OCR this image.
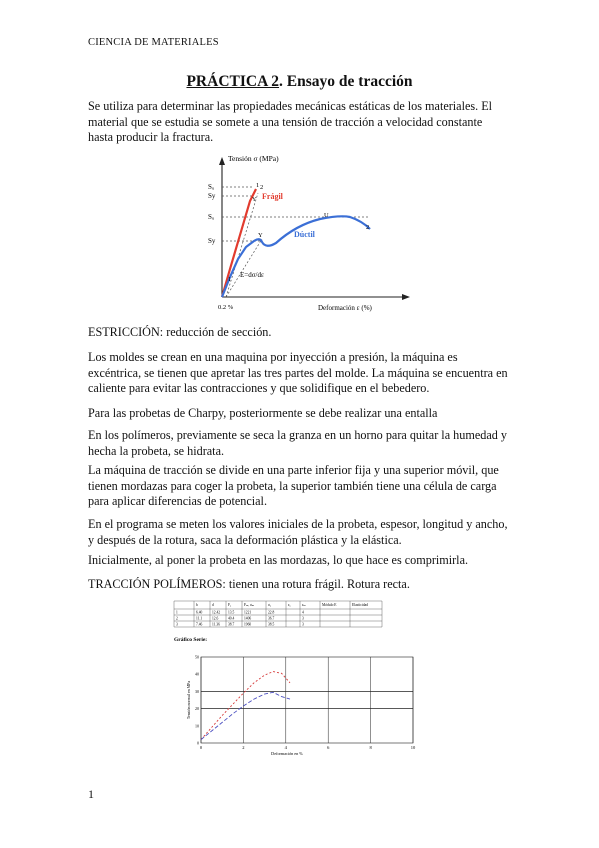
CIENCIA DE MATERIALES
PRÁCTICA 2. Ensayo de tracción
Se utiliza para determinar las propiedades mecánicas estáticas de los materiales. El material que se estudia se somete a una tensión de tracción a velocidad constante hasta producir la fractura.
Tensión σ (MPa)
Deformación ε (%)
Sᵤ
Sy
Sᵤ
Sy
0.2 %
1
Y Frágil
1
Y
U
2
2
Dúctil
E=dσ/dε
ESTRICCIÓN: reducción de sección.
Los moldes se crean en una maquina por inyección a presión, la máquina es excéntrica, se tienen que apretar las tres partes del molde. La máquina se encuentra en caliente para evitar las contracciones y que solidifique en el bebedero.
Para las probetas de Charpy, posteriormente se debe realizar una entalla
En los polímeros, previamente se seca la granza en un horno para quitar la humedad y hecha la probeta, se hidrata.
La máquina de tracción se divide en una parte inferior fija y una superior móvil, que tienen mordazas para coger la probeta, la superior también tiene una célula de carga para aplicar diferencias de potencial.
En el programa se meten los valores iniciales de la probeta, espesor, longitud y ancho, y después de la rotura, saca la deformación plástica y la elástica.
Inicialmente, al poner la probeta en las mordazas, lo que hace es comprimirla.
TRACCIÓN POLÍMEROS: tienen una rotura frágil. Rotura recta.
b	d	Fᵤ	Fₘ, σₘ	σᵤ	εᵤ	εₘ	Módulo E	Elasticidad
1	6.40	12.42 13.5	1221	22.8	4
2	11.1	12.6	40.4	1406	36.7	3
3	7.46	11.36 38.7	1960	38.5	3
Gráfico Serie:
0	2	4	6	8	10
0
10
20
30
40
50
Tensión normal en MPa
Deformación en %
1
